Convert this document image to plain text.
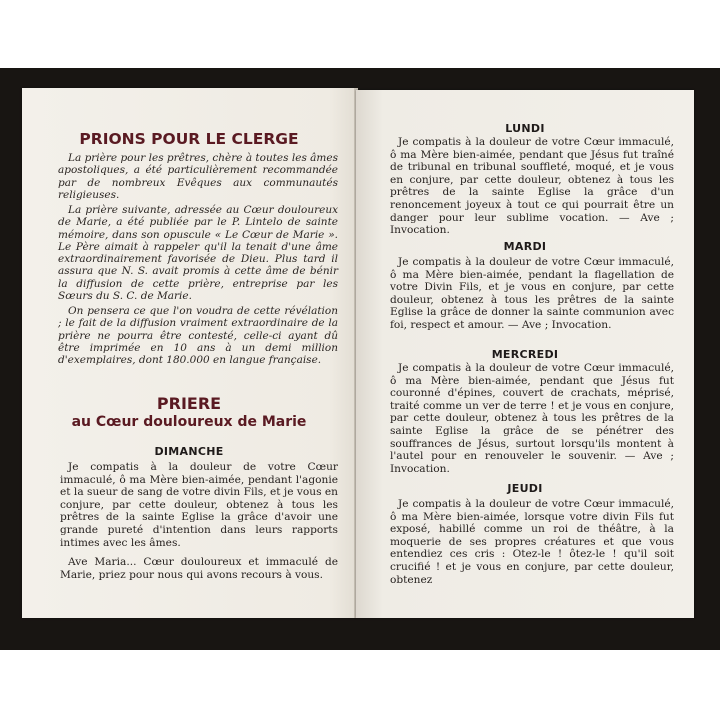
PRIONS POUR LE CLERGE
La prière pour les prêtres, chère à toutes les âmes apostoliques, a été particulièrement recommandée par de nombreux Evêques aux communautés religieuses.
La prière suivante, adressée au Cœur douloureux de Marie, a été publiée par le P. Lintelo de sainte mémoire, dans son opuscule « Le Cœur de Marie ». Le Père aimait à rappeler qu'il la tenait d'une âme extraordinairement favorisée de Dieu. Plus tard il assura que N. S. avait promis à cette âme de bénir la diffusion de cette prière, entreprise par les Sœurs du S. C. de Marie.
On pensera ce que l'on voudra de cette révélation ; le fait de la diffusion vraiment extraordinaire de la prière ne pourra être contesté, celle-ci ayant dû être imprimée en 10 ans à un demi million d'exemplaires, dont 180.000 en langue française.
PRIERE
au Cœur douloureux de Marie
DIMANCHE
Je compatis à la douleur de votre Cœur immaculé, ô ma Mère bien-aimée, pendant l'agonie et la sueur de sang de votre divin Fils, et je vous en conjure, par cette douleur, obtenez à tous les prêtres de la sainte Eglise la grâce d'avoir une grande pureté d'intention dans leurs rapports intimes avec les âmes.
Ave Maria... Cœur douloureux et immaculé de Marie, priez pour nous qui avons recours à vous.
LUNDI
Je compatis à la douleur de votre Cœur immaculé, ô ma Mère bien-aimée, pendant que Jésus fut traîné de tribunal en tribunal souffleté, moqué, et je vous en conjure, par cette douleur, obtenez à tous les prêtres de la sainte Eglise la grâce d'un renoncement joyeux à tout ce qui pourrait être un danger pour leur sublime vocation. — Ave ; Invocation.
MARDI
Je compatis à la douleur de votre Cœur immaculé, ô ma Mère bien-aimée, pendant la flagellation de votre Divin Fils, et je vous en conjure, par cette douleur, obtenez à tous les prêtres de la sainte Eglise la grâce de donner la sainte communion avec foi, respect et amour. — Ave ; Invocation.
MERCREDI
Je compatis à la douleur de votre Cœur immaculé, ô ma Mère bien-aimée, pendant que Jésus fut couronné d'épines, couvert de crachats, méprisé, traité comme un ver de terre ! et je vous en conjure, par cette douleur, obtenez à tous les prêtres de la sainte Eglise la grâce de se pénétrer des souffrances de Jésus, surtout lorsqu'ils montent à l'autel pour en renouveler le souvenir. — Ave ; Invocation.
JEUDI
Je compatis à la douleur de votre Cœur immaculé, ô ma Mère bien-aimée, lorsque votre divin Fils fut exposé, habillé comme un roi de théâtre, à la moquerie de ses propres créatures et que vous entendiez ces cris : Otez-le ! ôtez-le ! qu'il soit crucifié ! et je vous en conjure, par cette douleur, obtenez
